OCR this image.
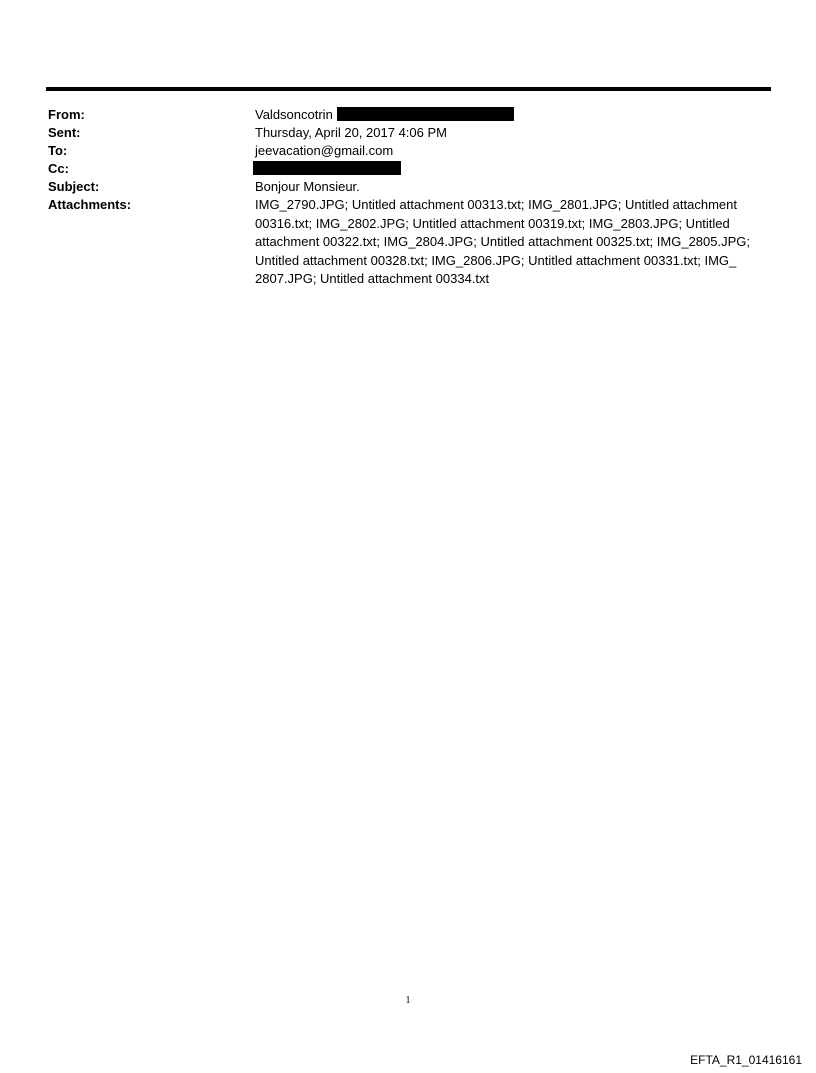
From:	Valdsoncotrin
Sent:	Thursday, April 20, 2017 4:06 PM
To:	jeevacation@gmail.com
Cc:
Subject:	Bonjour Monsieur.
Attachments:	IMG_2790.JPG; Untitled attachment 00313.txt; IMG_2801.JPG; Untitled attachment 00316.txt; IMG_2802.JPG; Untitled attachment 00319.txt; IMG_2803.JPG; Untitled attachment 00322.txt; IMG_2804.JPG; Untitled attachment 00325.txt; IMG_2805.JPG; Untitled attachment 00328.txt; IMG_2806.JPG; Untitled attachment 00331.txt; IMG_ 2807.JPG; Untitled attachment 00334.txt
1
EFTA_R1_01416161
